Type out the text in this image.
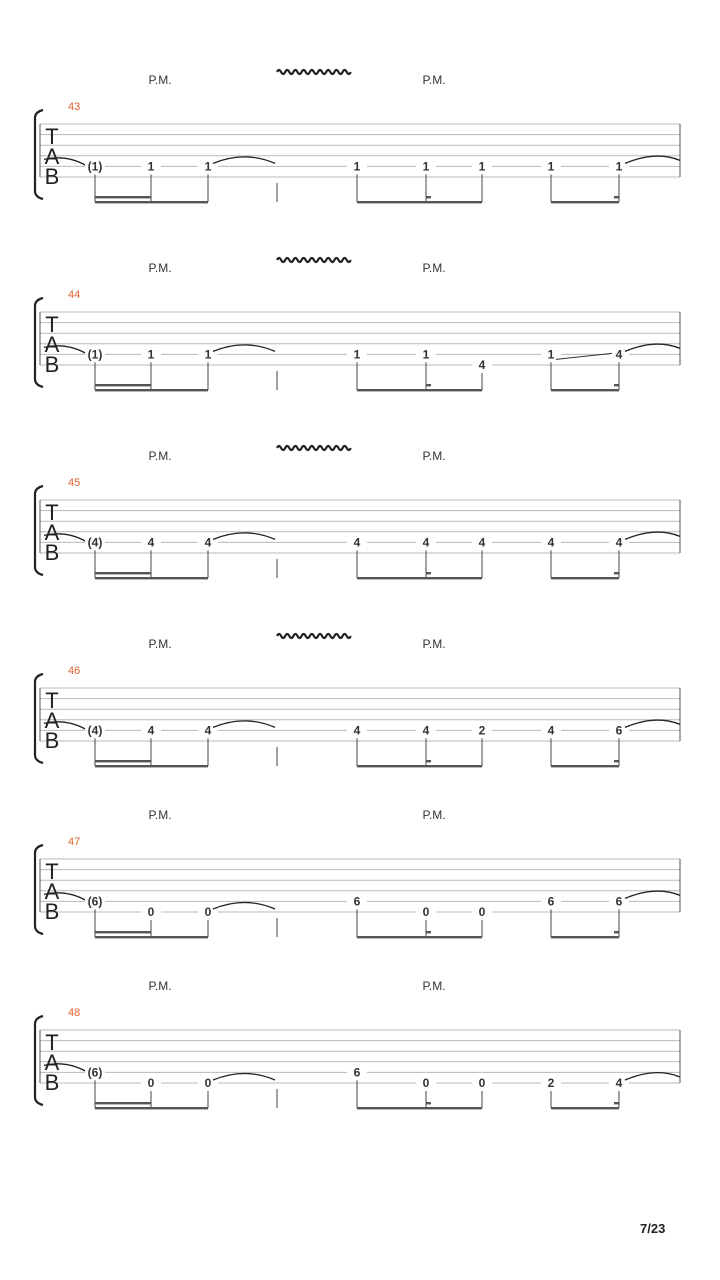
P.M.	P.M.
43
T
A
B (1)	1	1	1	1	1	1	1
P.M.	P.M.
44
T
A
B (1)	1	1	1	1
4
1	4
P.M.	P.M.
45
T
A
B (4)	4	4	4	4	4	4	4
P.M.	P.M.
46
T
A
B (4)	4	4	4	4	2	4	6
P.M.	P.M.
47
T
A
B (6)
0	0
6
0	0
6	6
P.M.	P.M.
48
T
A
B (6)
0	0
6
0	0	2	4
7/23
